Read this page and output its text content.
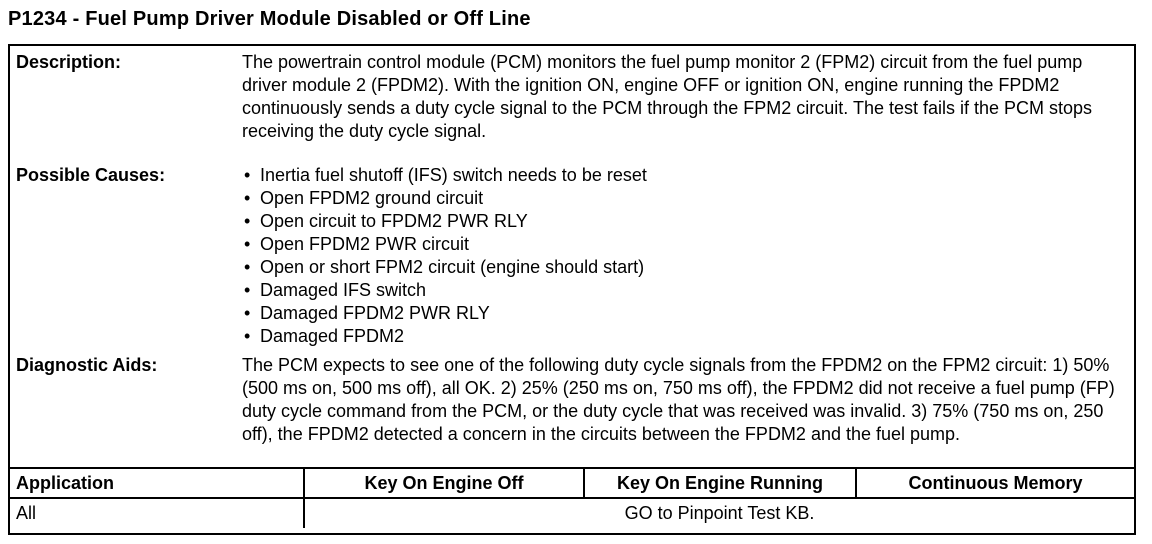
P1234 - Fuel Pump Driver Module Disabled or Off Line
Description:	The powertrain control module (PCM) monitors the fuel pump monitor 2 (FPM2) circuit from the fuel pump driver module 2 (FPDM2). With the ignition ON, engine OFF or ignition ON, engine running the FPDM2 continuously sends a duty cycle signal to the PCM through the FPM2 circuit. The test fails if the PCM stops receiving the duty cycle signal.
Possible Causes:	• Inertia fuel shutoff (IFS) switch needs to be reset
• Open FPDM2 ground circuit
• Open circuit to FPDM2 PWR RLY
• Open FPDM2 PWR circuit
• Open or short FPM2 circuit (engine should start)
• Damaged IFS switch
• Damaged FPDM2 PWR RLY
• Damaged FPDM2
Diagnostic Aids:	The PCM expects to see one of the following duty cycle signals from the FPDM2 on the FPM2 circuit: 1) 50% (500 ms on, 500 ms off), all OK. 2) 25% (250 ms on, 750 ms off), the FPDM2 did not receive a fuel pump (FP) duty cycle command from the PCM, or the duty cycle that was received was invalid. 3) 75% (750 ms on, 250 off), the FPDM2 detected a concern in the circuits between the FPDM2 and the fuel pump.
Application	Key On Engine Off	Key On Engine Running	Continuous Memory
All	GO to Pinpoint Test KB.		
